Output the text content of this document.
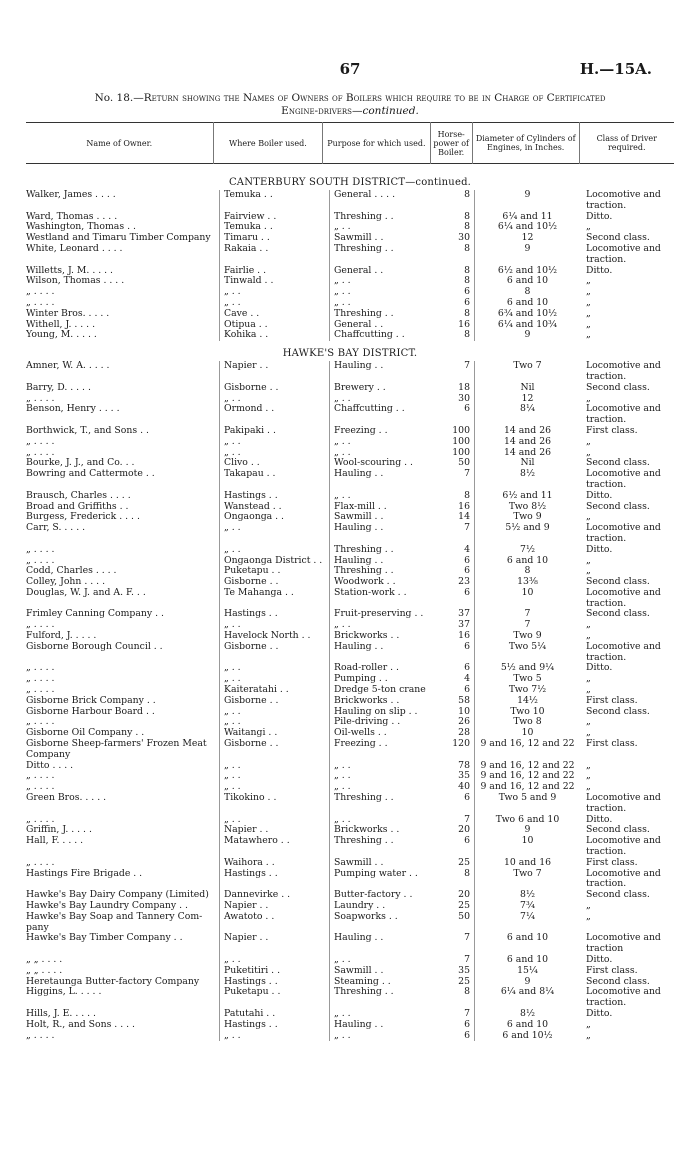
67	H.—15A.
No. 18.—Return showing the Names of Owners of Boilers which require to be in Charge of Certificated
Engine-drivers—continued.
Name of Owner.	Where Boiler used.	Purpose for which used.	Horse-power of Boiler.	Diameter of Cylinders of Engines, in Inches.	Class of Driver required.
CANTERBURY SOUTH DISTRICT—continued.
Walker, James . . . .	Temuka . .	General . . . .	8	9	Locomotive and
traction.
Ward, Thomas . . . .	Fairview . .	Threshing . .	8	6¼ and 11	Ditto.
Washington, Thomas . .	Temuka . .	„ . .	8	6¼ and 10½	„
Westland and Timaru Timber Company	Timaru . .	Sawmill . .	30	12	Second class.
White, Leonard . . . .	Rakaia . .	Threshing . .	8	9	Locomotive and
traction.
Willetts, J. M. . . . .	Fairlie . .	General . .	8	6½ and 10½	Ditto.
Wilson, Thomas . . . .	Tinwald . .	„ . .	8	6 and 10	„
„ . . . .	„ . .	„ . .	6	8	„
„ . . . .	„ . .	„ . .	6	6 and 10	„
Winter Bros. . . . .	Cave . .	Threshing . .	8	6¾ and 10½	„
Withell, J. . . . .	Otipua . .	General . .	16	6¼ and 10¾	„
Young, M. . . . .	Kohika . .	Chaffcutting . .	8	9	„
HAWKE'S BAY DISTRICT.
Amner, W. A. . . . .	Napier . .	Hauling . .	7	Two 7	Locomotive and
traction.
Barry, D. . . . .	Gisborne . .	Brewery . .	18	Nil	Second class.
„ . . . .	„ . .	„ . .	30	12	„
Benson, Henry . . . .	Ormond . .	Chaffcutting . .	6	8¼	Locomotive and
traction.
Borthwick, T., and Sons . .	Pakipaki . .	Freezing . .	100	14 and 26	First class.
„ . . . .	„ . .	„ . .	100	14 and 26	„
„ . . . .	„ . .	„ . .	100	14 and 26	„
Bourke, J. J., and Co. . .	Clivo . .	Wool-scouring . .	50	Nil	Second class.
Bowring and Cattermote . .	Takapau . .	Hauling . .	7	8½	Locomotive and
traction.
Brausch, Charles . . . .	Hastings . .	„ . .	8	6½ and 11	Ditto.
Broad and Griffiths . .	Wanstead . .	Flax-mill . .	16	Two 8½	Second class.
Burgess, Frederick . . . .	Ongaonga . .	Sawmill . .	14	Two 9	„
Carr, S. . . . .	„ . .	Hauling . .	7	5½ and 9	Locomotive and
traction.
„ . . . .	„ . .	Threshing . .	4	7½	Ditto.
„ . . . .	Ongaonga District . .	Hauling . .	6	6 and 10	„
Codd, Charles . . . .	Puketapu . .	Threshing . .	6	8	„
Colley, John . . . .	Gisborne . .	Woodwork . .	23	13⅜	Second class.
Douglas, W. J. and A. F. . .	Te Mahanga . .	Station-work . .	6	10	Locomotive and
traction.
Frimley Canning Company . .	Hastings . .	Fruit-preserving . .	37	7	Second class.
„ . . . .	„ . .	„ . .	37	7	„
Fulford, J. . . . .	Havelock North . .	Brickworks . .	16	Two 9	„
Gisborne Borough Council . .	Gisborne . .	Hauling . .	6	Two 5¼	Locomotive and
traction.
„ . . . .	„ . .	Road-roller . .	6	5½ and 9¼	Ditto.
„ . . . .	„ . .	Pumping . .	4	Two 5	„
„ . . . .	Kaiteratahi . .	Dredge 5-ton crane	6	Two 7½	„
Gisborne Brick Company . .	Gisborne . .	Brickworks . .	58	14½	First class.
Gisborne Harbour Board . .	„ . .	Hauling on slip . .	10	Two 10	Second class.
„ . . . .	„ . .	Pile-driving . .	26	Two 8	„
Gisborne Oil Company . .	Waitangi . .	Oil-wells . .	28	10	„
Gisborne Sheep-farmers' Frozen Meat	Gisborne . .	Freezing . .	120	9 and 16, 12 and 22	First class.
Company
Ditto . . . .	„ . .	„ . .	78	9 and 16, 12 and 22	„
„ . . . .	„ . .	„ . .	35	9 and 16, 12 and 22	„
„ . . . .	„ . .	„ . .	40	9 and 16, 12 and 22	„
Green Bros. . . . .	Tikokino . .	Threshing . .	6	Two 5 and 9	Locomotive and
traction.
„ . . . .	„ . .	„ . .	7	Two 6 and 10	Ditto.
Griffin, J. . . . .	Napier . .	Brickworks . .	20	9	Second class.
Hall, F. . . . .	Matawhero . .	Threshing . .	6	10	Locomotive and
traction.
„ . . . .	Waihora . .	Sawmill . .	25	10 and 16	First class.
Hastings Fire Brigade . .	Hastings . .	Pumping water . .	8	Two 7	Locomotive and
traction.
Hawke's Bay Dairy Company (Limited)	Dannevirke . .	Butter-factory . .	20	8½	Second class.
Hawke's Bay Laundry Company . .	Napier . .	Laundry . .	25	7¾	„
Hawke's Bay Soap and Tannery Com-	Awatoto . .	Soapworks . .	50	7¼	„
pany
Hawke's Bay Timber Company . .	Napier . .	Hauling . .	7	6 and 10	Locomotive and
traction
„ „ . . . .	„ . .	„ . .	7	6 and 10	Ditto.
„ „ . . . .	Puketitiri . .	Sawmill . .	35	15¼	First class.
Heretaunga Butter-factory Company	Hastings . .	Steaming . .	25	9	Second class.
Higgins, L. . . . .	Puketapu . .	Threshing . .	8	6¼ and 8¼	Locomotive and
traction.
Hills, J. E. . . . .	Patutahi . .	„ . .	7	8½	Ditto.
Holt, R., and Sons . . . .	Hastings . .	Hauling . .	6	6 and 10	„
„ . . . .	„ . .	„ . .	6	6 and 10½	„
